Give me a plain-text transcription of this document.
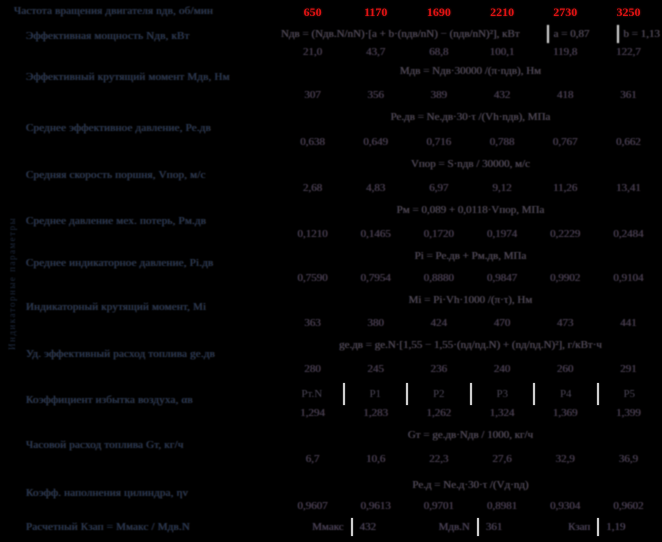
Индикаторные параметры
Частота вращения двигателя nдв, об/мин	650	1170	1690	2210	2730	3250
Эффективная мощность Nдв, кВт	Nдв = (Nдв.N/nN)·[a + b·(nдв/nN) − (nдв/nN)²], кВт	а = 0,87	b = 1,13
21,0	43,7	68,8	100,1	119,8	122,7
Эффективный крутящий момент Мдв, Нм	Мдв = Nдв·30000 /(π·nдв), Нм
307	356	389	432	418	361
Среднее эффективное давление, Ре.дв
Ре.дв = Nе.дв·30·τ /(Vh·nдв), МПа
0,638	0,649	0,716	0,788	0,767	0,662
Средняя скорость поршня, Vпор, м/с
Vпор = S·nдв / 30000, м/с
2,68	4,83	6,97	9,12	11,26	13,41
Среднее давление мех. потерь, Рм.дв
Рм = 0,089 + 0,0118·Vпор, МПа
0,1210	0,1465	0,1720	0,1974	0,2229	0,2484
Среднее индикаторное давление, Рi.дв
Рi = Ре.дв + Рм.дв, МПа
0,7590	0,7954	0,8880	0,9847	0,9902	0,9104
Индикаторный крутящий момент, Мi
Мi = Рi·Vh·1000 /(π·τ), Нм
363	380	424	470	473	441
Уд. эффективный расход топлива gе.дв
gе.дв = gе.N·[1,55 − 1,55·(nд/nд.N) + (nд/nд.N)²], г/кВт·ч
280	245	236	240	260	291
Коэффициент избытка воздуха, αв	Рт.N	Р1	Р2	Р3	Р4	Р5
1,294	1,283	1,262	1,324	1,369	1,399
Часовой расход топлива Gт, кг/ч
Gт = gе.дв·Nдв / 1000, кг/ч
6,7	10,6	22,3	27,6	32,9	36,9
Коэфф. наполнения цилиндра, ηv
Ре.д = Nе.д·30·τ /(Vд·nд)
0,9607	0,9613	0,9701	0,8981	0,9304	0,9602
Расчетный Кзап = Ммакс / Мдв.N	Ммакс 432	Мдв.N 361	Кзап 1,19
